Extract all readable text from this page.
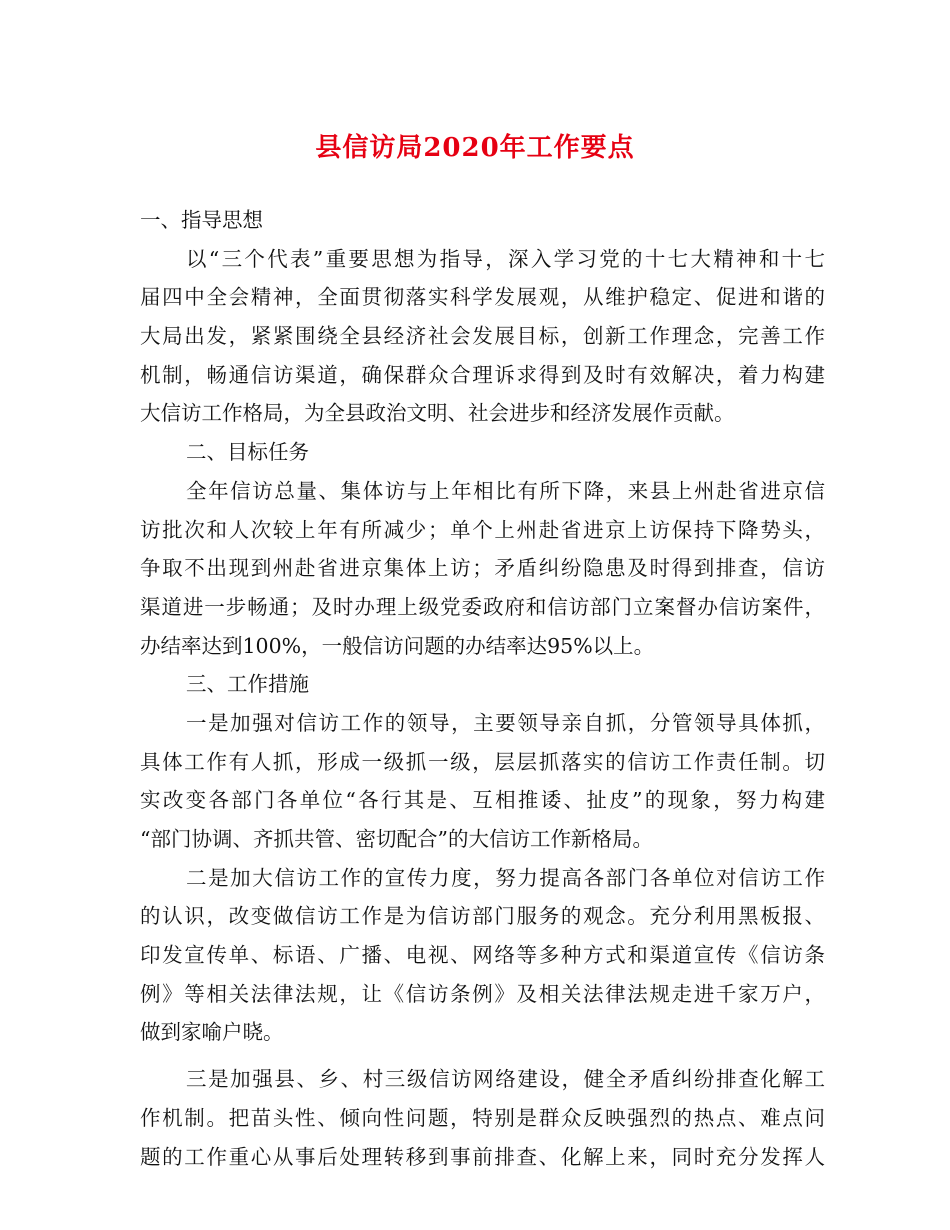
县信访局2020年工作要点
一、指导思想
以“三个代表”重要思想为指导，深入学习党的十七大精神和十七
届四中全会精神，全面贯彻落实科学发展观，从维护稳定、促进和谐的
大局出发，紧紧围绕全县经济社会发展目标，创新工作理念，完善工作
机制，畅通信访渠道，确保群众合理诉求得到及时有效解决，着力构建
大信访工作格局，为全县政治文明、社会进步和经济发展作贡献。
二、目标任务
全年信访总量、集体访与上年相比有所下降，来县上州赴省进京信
访批次和人次较上年有所减少；单个上州赴省进京上访保持下降势头，
争取不出现到州赴省进京集体上访；矛盾纠纷隐患及时得到排查，信访
渠道进一步畅通；及时办理上级党委政府和信访部门立案督办信访案件，
办结率达到100%，一般信访问题的办结率达95%以上。
三、工作措施
一是加强对信访工作的领导，主要领导亲自抓，分管领导具体抓，
具体工作有人抓，形成一级抓一级，层层抓落实的信访工作责任制。切
实改变各部门各单位“各行其是、互相推诿、扯皮”的现象，努力构建
“部门协调、齐抓共管、密切配合”的大信访工作新格局。
二是加大信访工作的宣传力度，努力提高各部门各单位对信访工作
的认识，改变做信访工作是为信访部门服务的观念。充分利用黑板报、
印发宣传单、标语、广播、电视、网络等多种方式和渠道宣传《信访条
例》等相关法律法规，让《信访条例》及相关法律法规走进千家万户，
做到家喻户晓。
三是加强县、乡、村三级信访网络建设，健全矛盾纠纷排查化解工
作机制。把苗头性、倾向性问题，特别是群众反映强烈的热点、难点问
题的工作重心从事后处理转移到事前排查、化解上来，同时充分发挥人
